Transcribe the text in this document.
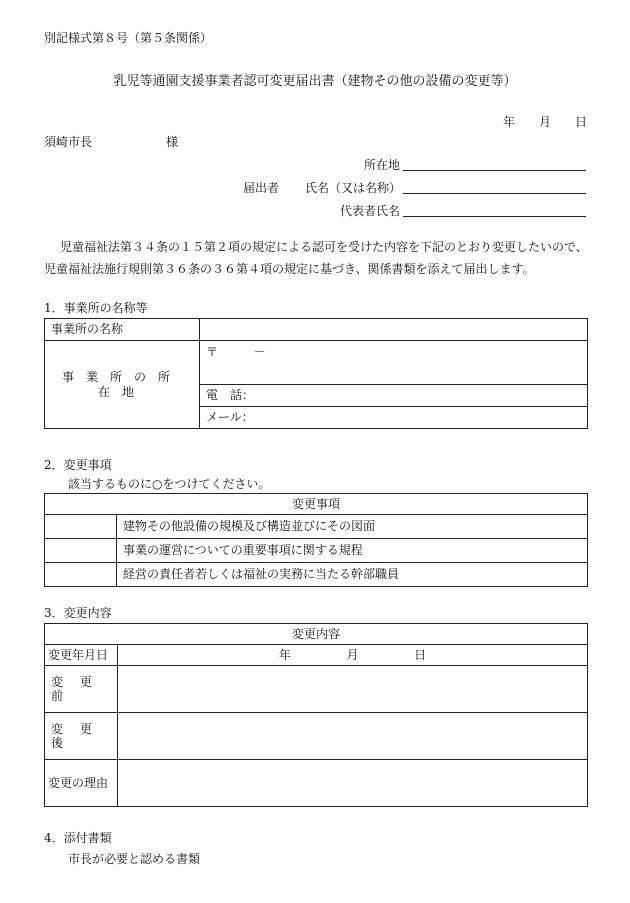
別記様式第８号（第５条関係）
乳児等通園支援事業者認可変更届出書（建物その他の設備の変更等）
年 月 日
須崎市長	様
所在地
届出者 氏名（又は名称）
代表者氏名
児童福祉法第３４条の１５第２項の規定による認可を受けた内容を下記のとおり変更したいので、
児童福祉法施行規則第３６条の３６第４項の規定に基づき、関係書類を添えて届出します。
1．事業所の名称等
事業所の名称	
事業所の所在地	〒 －
	電　話：
	メール：
2．変更事項
該当するものに○をつけてください。
変更事項	
	建物その他設備の規模及び構造並びにその図面
	事業の運営についての重要事項に関する規程
	経営の責任者若しくは福祉の実務に当たる幹部職員
3．変更内容
変更内容	
変更年月日	年 月 日
変更前	
変更後	
変更の理由	
4．添付書類
市長が必要と認める書類
